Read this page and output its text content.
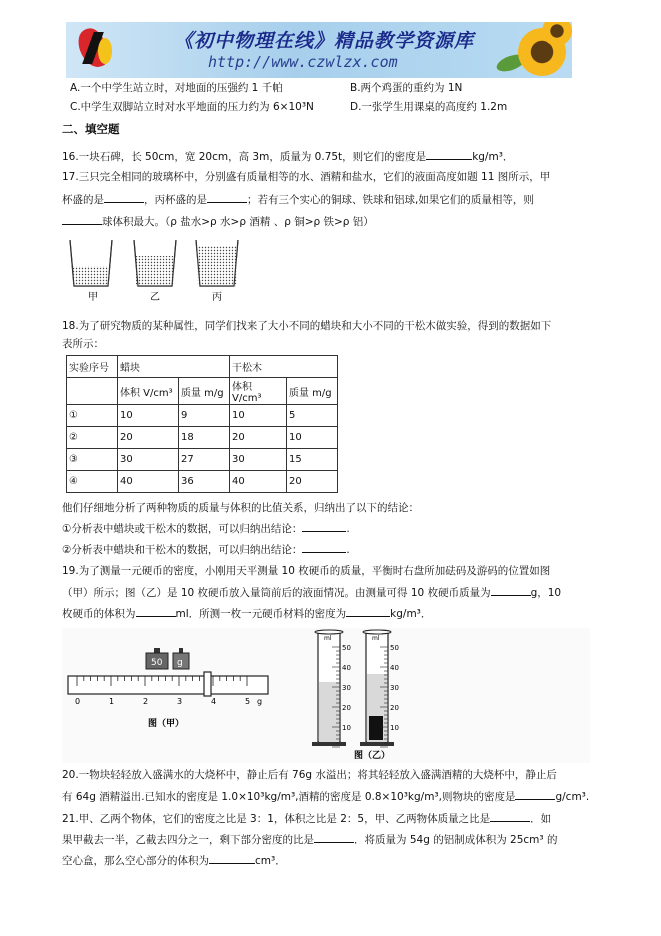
《初中物理在线》精品教学资源库
http://www.czwlzx.com
A.一个中学生站立时，对地面的压强约 1 千帕	B.两个鸡蛋的重约为 1N
C.中学生双脚站立时对水平地面的压力约为 6×10³N	D.一张学生用课桌的高度约 1.2m
二、填空题
16.一块石碑，长 50cm，宽 20cm，高 3m，质量为 0.75t，则它们的密度是	kg/m³．
17.三只完全相同的玻璃杯中，分别盛有质量相等的水、酒精和盐水，它们的液面高度如题 11 图所示，甲
杯盛的是	，丙杯盛的是	；若有三个实心的铜球、铁球和铝球,如果它们的质量相等，则
球体积最大。（ρ 盐水>ρ 水>ρ 酒精 、ρ 铜>ρ 铁>ρ 铝）
甲	乙	丙
18.为了研究物质的某种属性，同学们找来了大小不同的蜡块和大小不同的干松木做实验，得到的数据如下
表所示：
实验序号	蜡块		干松木	
	体积 V/cm³	质量 m/g	体积 V/cm³	质量 m/g
①	10	9	10	5
②	20	18	20	10
③	30	27	30	15
④	40	36	40	20
他们仔细地分析了两种物质的质量与体积的比值关系，归纳出了以下的结论：
①分析表中蜡块或干松木的数据，可以归纳出结论：	.
②分析表中蜡块和干松木的数据，可以归纳出结论：	.
19.为了测量一元硬币的密度，小刚用天平测量 10 枚硬币的质量，平衡时右盘所加砝码及游码的位置如图
（甲）所示；图（乙）是 10 枚硬币放入量筒前后的液面情况。由测量可得 10 枚硬币质量为	g，10
枚硬币的体积为	ml．所测一枚一元硬币材料的密度为	kg/m³．
50 g
0	1	2	3	4	5 g
图（甲）
ml	ml
50
40
30
20
10
50
40
30
20
10
图（乙）
20.一物块轻轻放入盛满水的大烧杯中，静止后有 76g 水溢出；将其轻轻放入盛满酒精的大烧杯中，静止后
有 64g 酒精溢出.已知水的密度是 1.0×10³kg/m³,酒精的密度是 0.8×10³kg/m³,则物块的密度是	g/cm³.
21.甲、乙两个物体，它们的密度之比是 3：1，体积之比是 2：5，甲、乙两物体质量之比是	．如
果甲截去一半，乙截去四分之一，剩下部分密度的比是	．将质量为 54g 的铝制成体积为 25cm³ 的
空心盒，那么空心部分的体积为	cm³．
